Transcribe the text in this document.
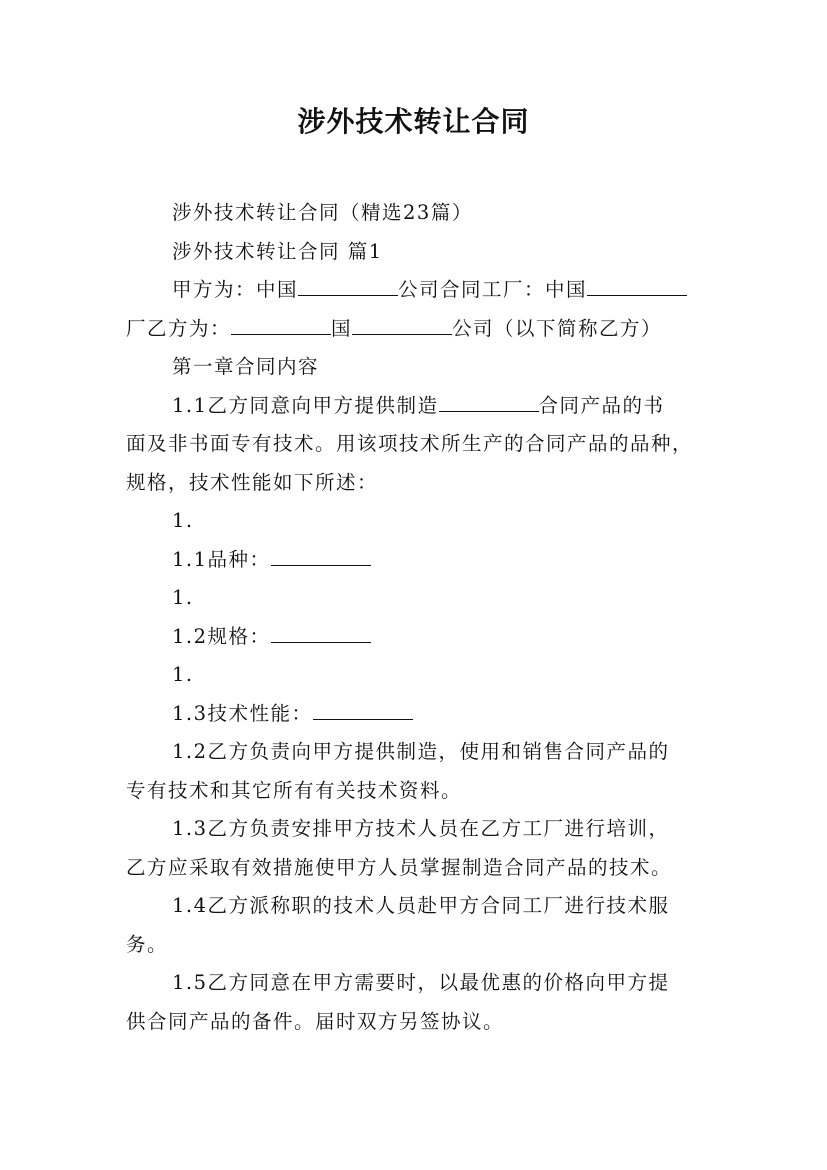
涉外技术转让合同
涉外技术转让合同（精选23篇）
涉外技术转让合同 篇1
甲方为：中国	公司合同工厂：中国
厂乙方为：	国	公司（以下简称乙方）
第一章合同内容
1.1乙方同意向甲方提供制造	合同产品的书
面及非书面专有技术。用该项技术所生产的合同产品的品种，
规格，技术性能如下所述：
1.
1.1品种：
1.
1.2规格：
1.
1.3技术性能：
1.2乙方负责向甲方提供制造，使用和销售合同产品的
专有技术和其它所有有关技术资料。
1.3乙方负责安排甲方技术人员在乙方工厂进行培训，
乙方应采取有效措施使甲方人员掌握制造合同产品的技术。
1.4乙方派称职的技术人员赴甲方合同工厂进行技术服
务。
1.5乙方同意在甲方需要时，以最优惠的价格向甲方提
供合同产品的备件。届时双方另签协议。
